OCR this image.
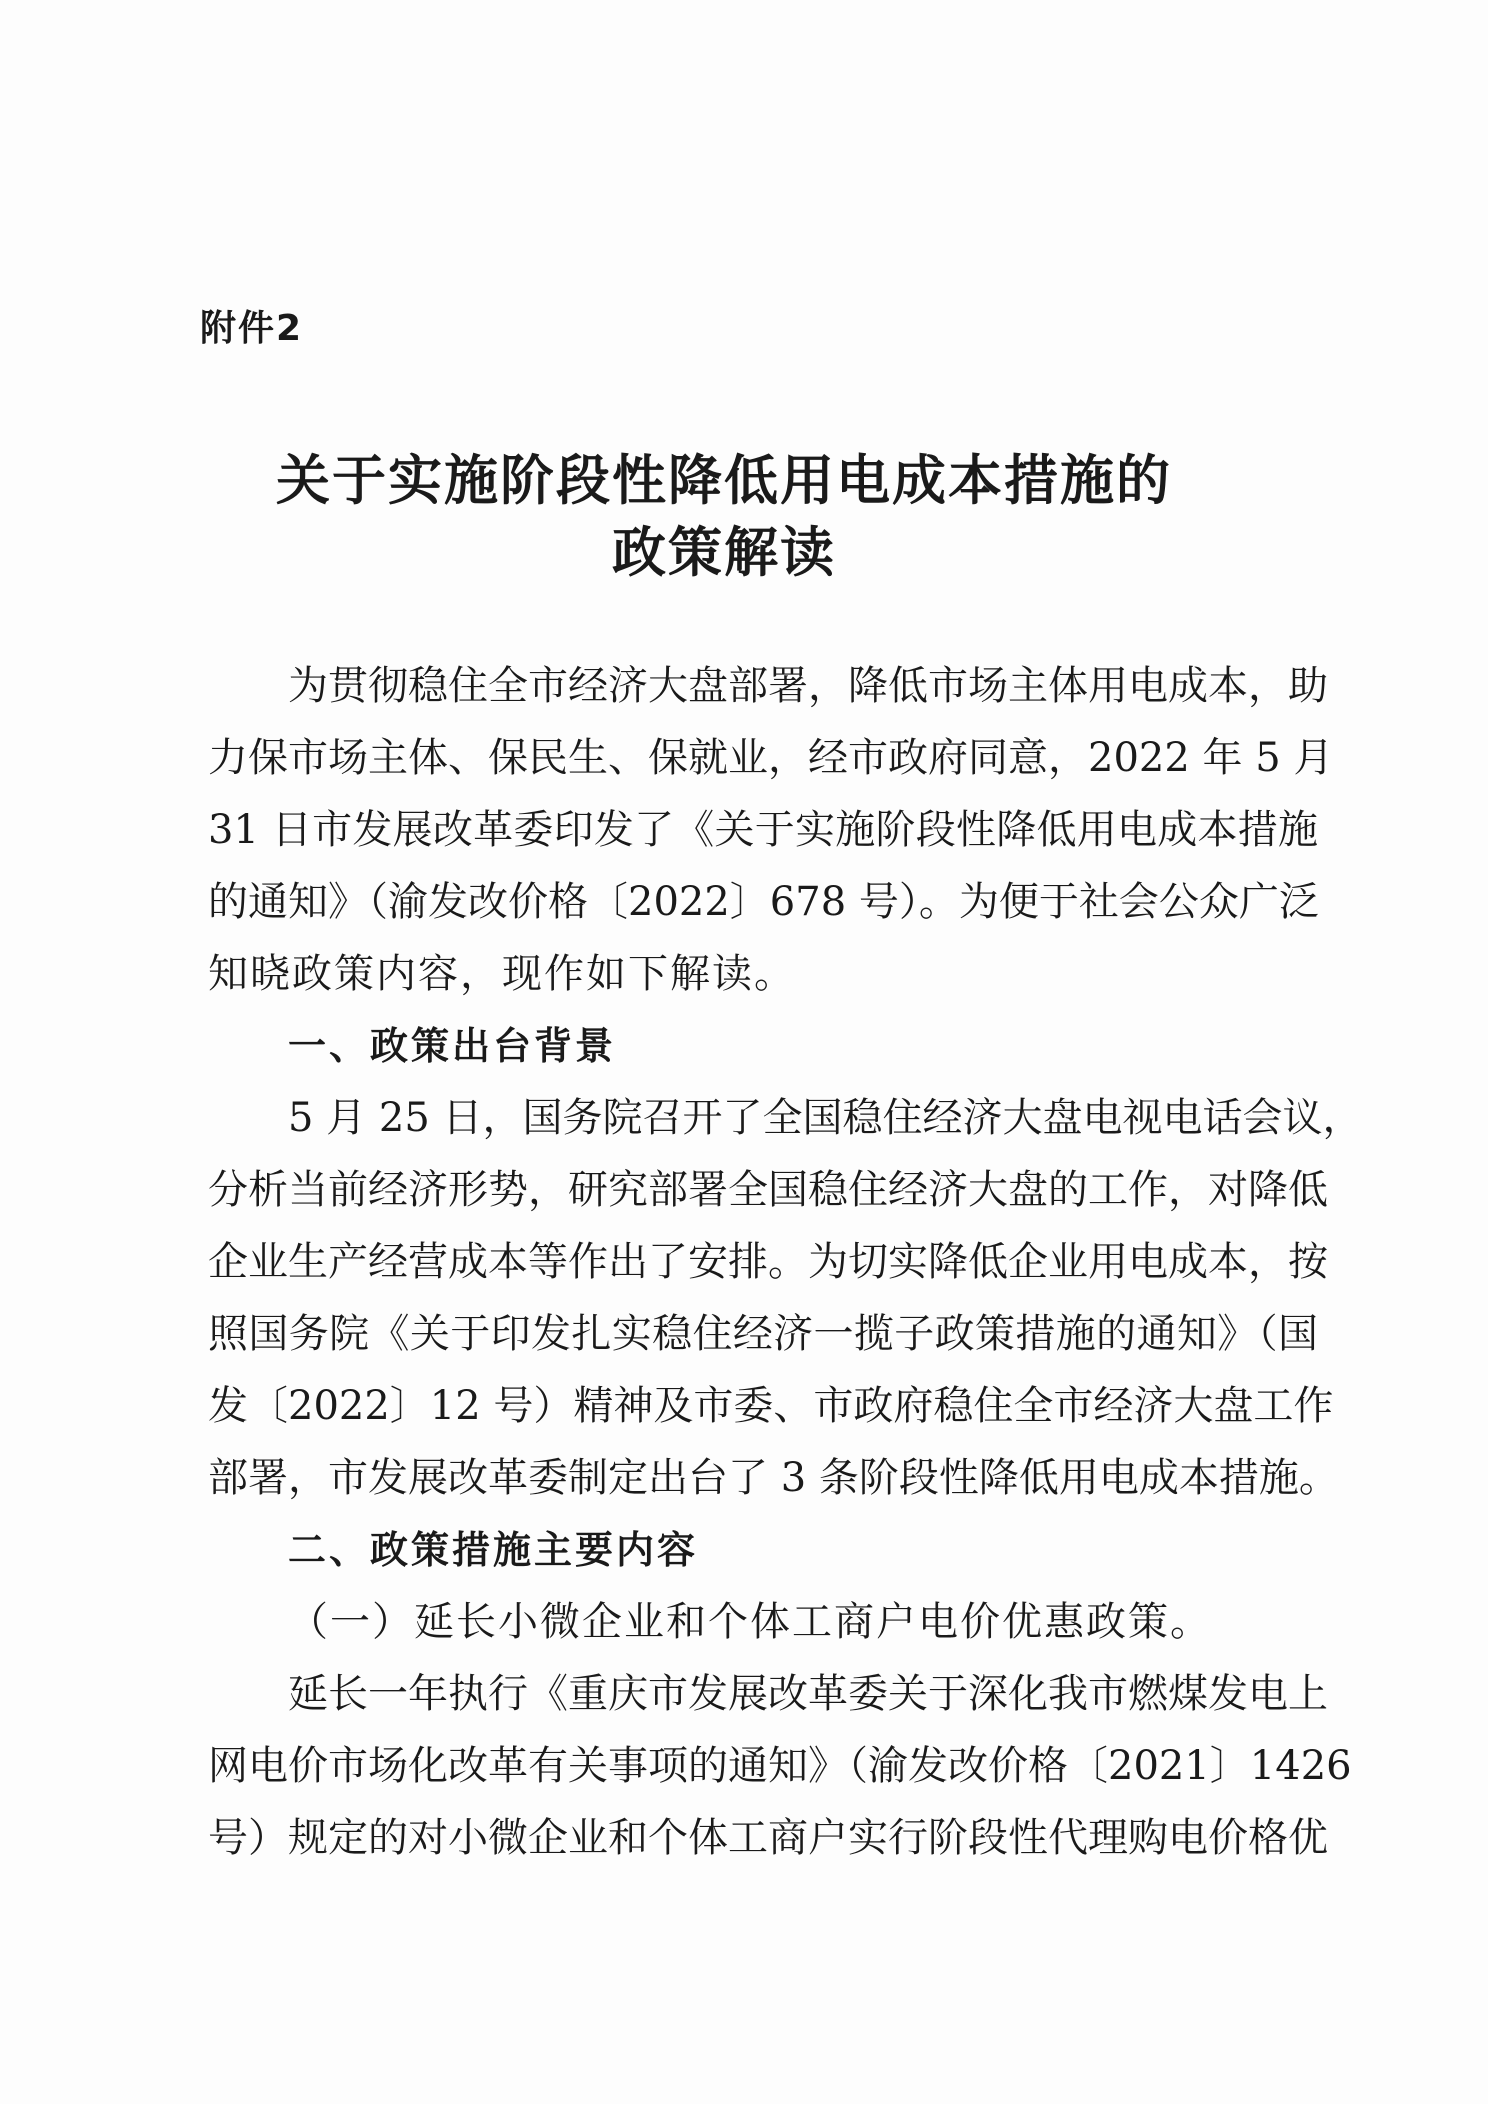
附件2
关于实施阶段性降低用电成本措施的
政策解读
为贯彻稳住全市经济大盘部署，降低市场主体用电成本，助
力保市场主体、保民生、保就业，经市政府同意，2022 年 5 月
31 日市发展改革委印发了《关于实施阶段性降低用电成本措施
的通知》（渝发改价格〔2022〕678 号）。为便于社会公众广泛
知晓政策内容，现作如下解读。
一、政策出台背景
5 月 25 日，国务院召开了全国稳住经济大盘电视电话会议，
分析当前经济形势，研究部署全国稳住经济大盘的工作，对降低
企业生产经营成本等作出了安排。为切实降低企业用电成本，按
照国务院《关于印发扎实稳住经济一揽子政策措施的通知》（国
发〔2022〕12 号）精神及市委、市政府稳住全市经济大盘工作
部署，市发展改革委制定出台了 3 条阶段性降低用电成本措施。
二、政策措施主要内容
（一）延长小微企业和个体工商户电价优惠政策。
延长一年执行《重庆市发展改革委关于深化我市燃煤发电上
网电价市场化改革有关事项的通知》（渝发改价格〔2021〕1426
号）规定的对小微企业和个体工商户实行阶段性代理购电价格优
